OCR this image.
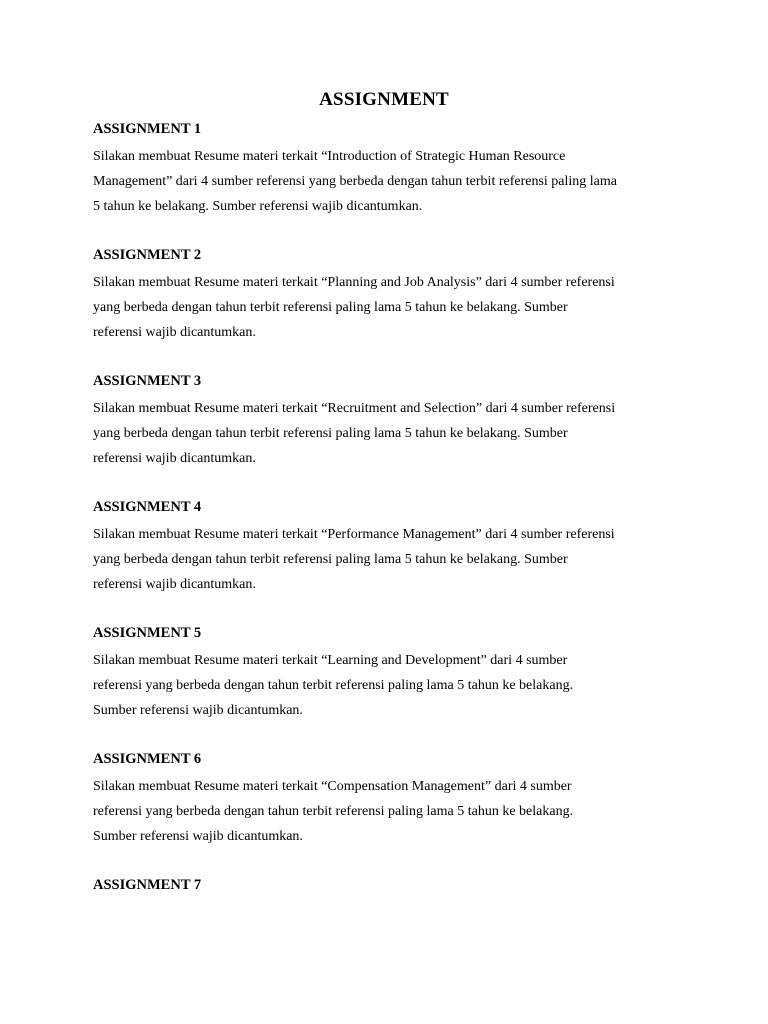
ASSIGNMENT
ASSIGNMENT 1
Silakan membuat Resume materi terkait “Introduction of Strategic Human Resource
Management” dari 4 sumber referensi yang berbeda dengan tahun terbit referensi paling lama
5 tahun ke belakang. Sumber referensi wajib dicantumkan.
ASSIGNMENT 2
Silakan membuat Resume materi terkait “Planning and Job Analysis” dari 4 sumber referensi
yang berbeda dengan tahun terbit referensi paling lama 5 tahun ke belakang. Sumber
referensi wajib dicantumkan.
ASSIGNMENT 3
Silakan membuat Resume materi terkait “Recruitment and Selection” dari 4 sumber referensi
yang berbeda dengan tahun terbit referensi paling lama 5 tahun ke belakang. Sumber
referensi wajib dicantumkan.
ASSIGNMENT 4
Silakan membuat Resume materi terkait “Performance Management” dari 4 sumber referensi
yang berbeda dengan tahun terbit referensi paling lama 5 tahun ke belakang. Sumber
referensi wajib dicantumkan.
ASSIGNMENT 5
Silakan membuat Resume materi terkait “Learning and Development” dari 4 sumber
referensi yang berbeda dengan tahun terbit referensi paling lama 5 tahun ke belakang.
Sumber referensi wajib dicantumkan.
ASSIGNMENT 6
Silakan membuat Resume materi terkait “Compensation Management” dari 4 sumber
referensi yang berbeda dengan tahun terbit referensi paling lama 5 tahun ke belakang.
Sumber referensi wajib dicantumkan.
ASSIGNMENT 7
